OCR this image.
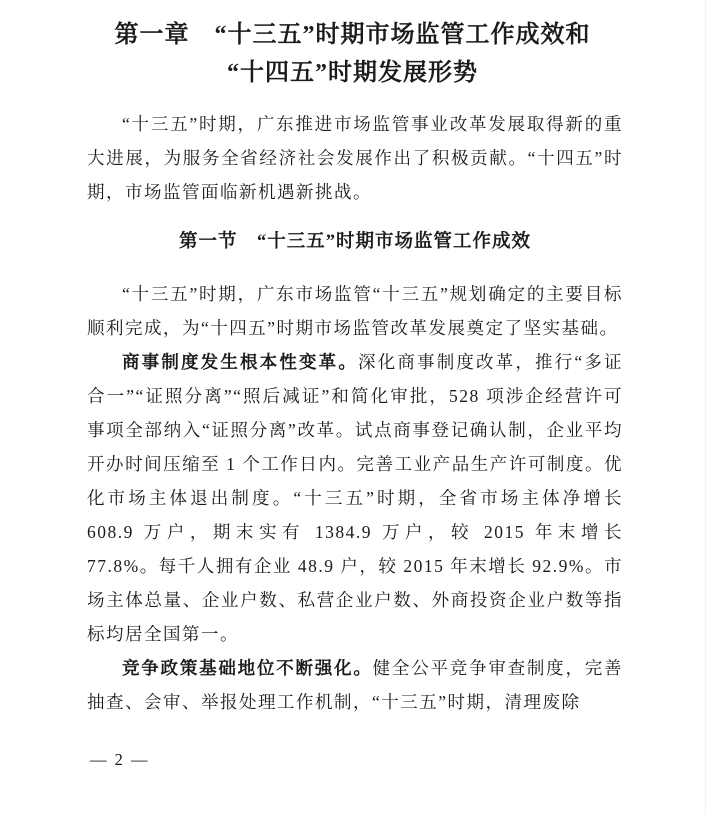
第一章　“十三五”时期市场监管工作成效和
“十四五”时期发展形势

“十三五”时期，广东推进市场监管事业改革发展取得新的重大进展，为服务全省经济社会发展作出了积极贡献。“十四五”时期，市场监管面临新机遇新挑战。

第一节　“十三五”时期市场监管工作成效

“十三五”时期，广东市场监管“十三五”规划确定的主要目标顺利完成，为“十四五”时期市场监管改革发展奠定了坚实基础。

商事制度发生根本性变革。深化商事制度改革，推行“多证合一”“证照分离”“照后减证”和简化审批，528 项涉企经营许可事项全部纳入“证照分离”改革。试点商事登记确认制，企业平均开办时间压缩至 1 个工作日内。完善工业产品生产许可制度。优化市场主体退出制度。“十三五”时期，全省市场主体净增长 608.9 万户，期末实有 1384.9 万户，较 2015 年末增长 77.8%。每千人拥有企业 48.9 户，较 2015 年末增长 92.9%。市场主体总量、企业户数、私营企业户数、外商投资企业户数等指标均居全国第一。

竞争政策基础地位不断强化。健全公平竞争审查制度，完善抽查、会审、举报处理工作机制，“十三五”时期，清理废除

— 2 —
